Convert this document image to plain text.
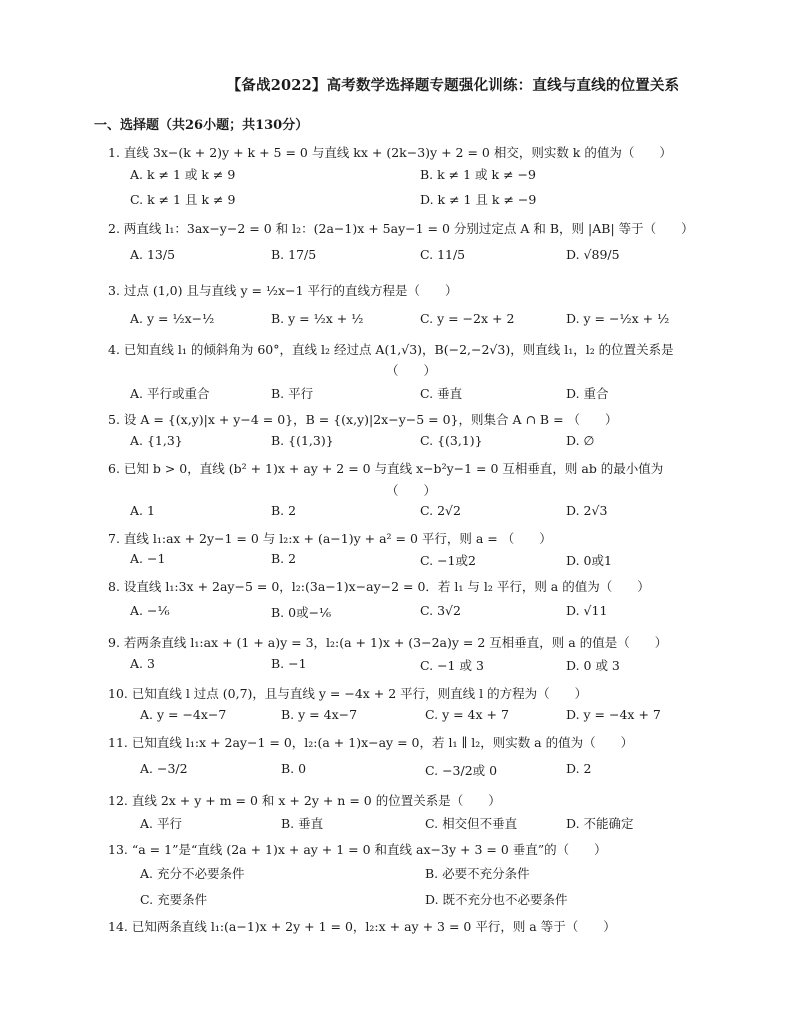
【备战2022】高考数学选择题专题强化训练：直线与直线的位置关系
一、选择题（共26小题；共130分）
1. 直线 3x−(k + 2)y + k + 5 = 0 与直线 kx + (2k−3)y + 2 = 0 相交，则实数 k 的值为（　　）
A. k ≠ 1 或 k ≠ 9	B. k ≠ 1 或 k ≠ −9
C. k ≠ 1 且 k ≠ 9	D. k ≠ 1 且 k ≠ −9
2. 两直线 l₁：3ax−y−2 = 0 和 l₂：(2a−1)x + 5ay−1 = 0 分别过定点 A 和 B，则 |AB| 等于（　　）
A. 13/5	B. 17/5	C. 11/5	D. √89/5
3. 过点 (1,0) 且与直线 y = ½x−1 平行的直线方程是（　　）
A. y = ½x−½	B. y = ½x + ½	C. y = −2x + 2	D. y = −½x + ½
4. 已知直线 l₁ 的倾斜角为 60°，直线 l₂ 经过点 A(1,√3)，B(−2,−2√3)，则直线 l₁，l₂ 的位置关系是
（　　）
A. 平行或重合	B. 平行	C. 垂直	D. 重合
5. 设 A = {(x,y)|x + y−4 = 0}，B = {(x,y)|2x−y−5 = 0}，则集合 A ∩ B = （　　）
A. {1,3}	B. {(1,3)}	C. {(3,1)}	D. ∅
6. 已知 b > 0，直线 (b² + 1)x + ay + 2 = 0 与直线 x−b²y−1 = 0 互相垂直，则 ab 的最小值为
（　　）
A. 1	B. 2	C. 2√2	D. 2√3
7. 直线 l₁:ax + 2y−1 = 0 与 l₂:x + (a−1)y + a² = 0 平行，则 a = （　　）
A. −1	B. 2	C. −1或2	D. 0或1
8. 设直线 l₁:3x + 2ay−5 = 0，l₂:(3a−1)x−ay−2 = 0．若 l₁ 与 l₂ 平行，则 a 的值为（　　）
A. −⅙	B. 0或−⅙	C. 3√2	D. √11
9. 若两条直线 l₁:ax + (1 + a)y = 3，l₂:(a + 1)x + (3−2a)y = 2 互相垂直，则 a 的值是（　　）
A. 3	B. −1	C. −1 或 3	D. 0 或 3
10. 已知直线 l 过点 (0,7)，且与直线 y = −4x + 2 平行，则直线 l 的方程为（　　）
A. y = −4x−7	B. y = 4x−7	C. y = 4x + 7	D. y = −4x + 7
11. 已知直线 l₁:x + 2ay−1 = 0，l₂:(a + 1)x−ay = 0，若 l₁ ∥ l₂，则实数 a 的值为（　　）
A. −3/2	B. 0	C. −3/2或 0	D. 2
12. 直线 2x + y + m = 0 和 x + 2y + n = 0 的位置关系是（　　）
A. 平行	B. 垂直	C. 相交但不垂直	D. 不能确定
13. “a = 1”是“直线 (2a + 1)x + ay + 1 = 0 和直线 ax−3y + 3 = 0 垂直”的（　　）
A. 充分不必要条件	B. 必要不充分条件
C. 充要条件	D. 既不充分也不必要条件
14. 已知两条直线 l₁:(a−1)x + 2y + 1 = 0，l₂:x + ay + 3 = 0 平行，则 a 等于（　　）
